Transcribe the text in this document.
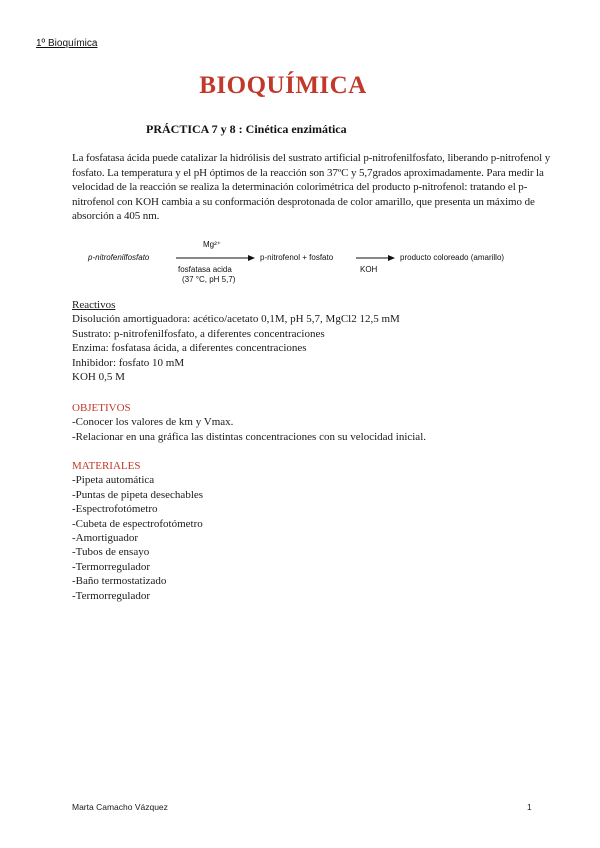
1º Bioquímica
BIOQUÍMICA
PRÁCTICA 7 y 8 : Cinética enzimática

La fosfatasa ácida puede catalizar la hidrólisis del sustrato artificial p-nitrofenilfosfato, liberando p-nitrofenol y fosfato. La temperatura y el pH óptimos de la reacción son 37ºC y 5,7grados aproximadamente. Para medir la velocidad de la reacción se realiza la determinación colorimétrica del producto p-nitrofenol: tratando el p-nitrofenol con KOH cambia a su conformación desprotonada de color amarillo, que presenta un máximo de absorción a 405 nm.

p-nitrofenilfosfato
Mg²⁺
fosfatasa acida
(37 °C, pH 5,7)
p-nitrofenol + fosfato
KOH
producto coloreado (amarillo)
Reactivos
Disolución amortiguadora: acético/acetato 0,1M, pH 5,7, MgCl2 12,5 mM
Sustrato: p-nitrofenilfosfato, a diferentes concentraciones
Enzima: fosfatasa ácida, a diferentes concentraciones
Inhibidor: fosfato 10 mM
KOH 0,5 M
OBJETIVOS
-Conocer los valores de km y Vmax.
-Relacionar en una gráfica las distintas concentraciones con su velocidad inicial.
MATERIALES
-Pipeta automática
-Puntas de pipeta desechables
-Espectrofotómetro
-Cubeta de espectrofotómetro
-Amortiguador
-Tubos de ensayo
-Termorregulador
-Baño termostatizado
-Termorregulador
Marta Camacho Vázquez	1
